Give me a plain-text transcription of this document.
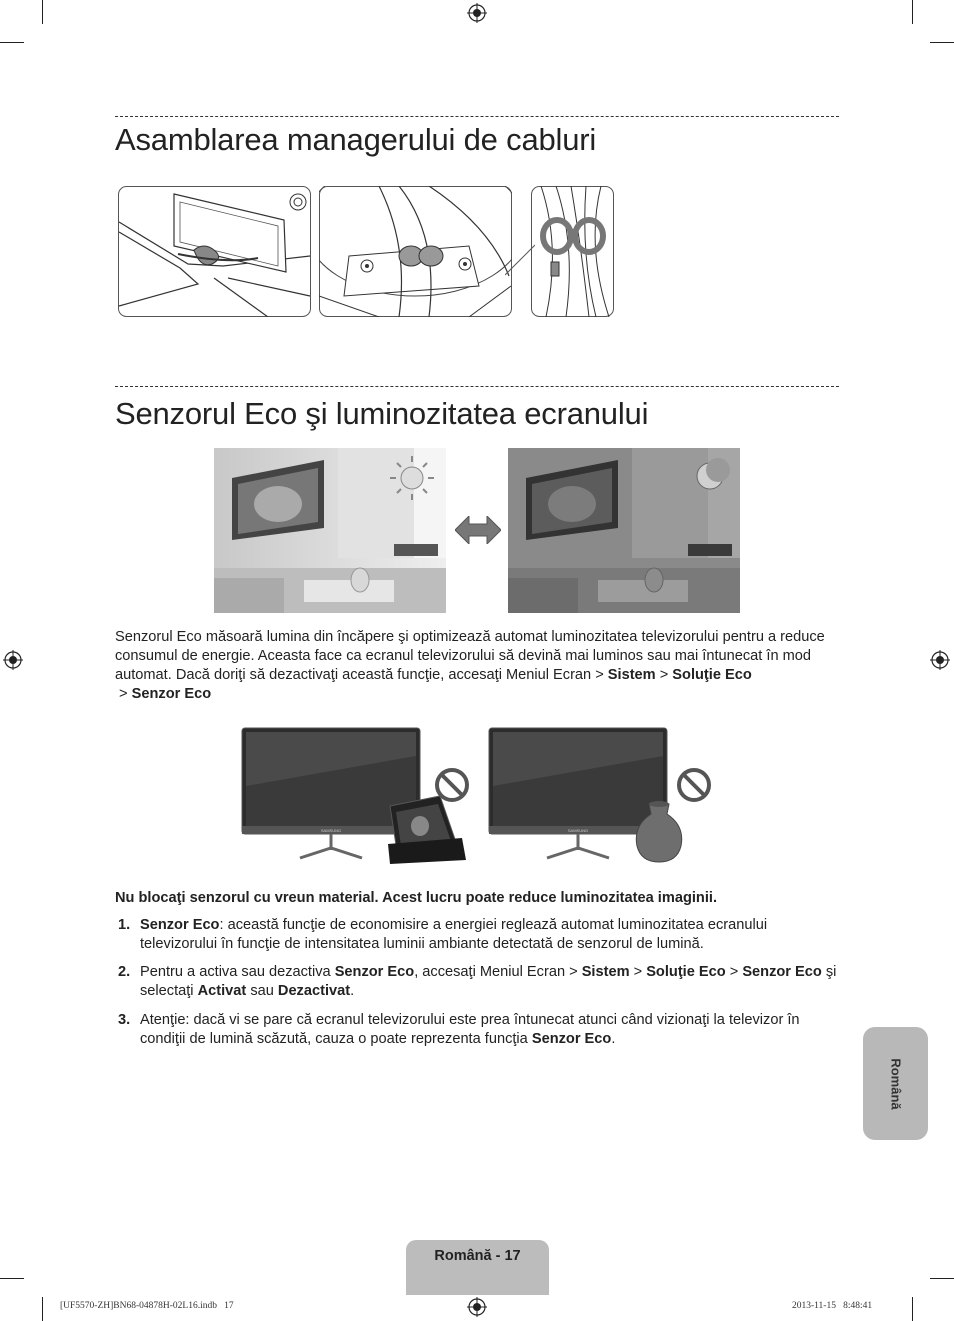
Asamblarea managerului de cabluri
Senzorul Eco şi luminozitatea ecranului
Senzorul Eco măsoară lumina din încăpere şi optimizează automat luminozitatea televizorului pentru a reduce consumul de energie. Aceasta face ca ecranul televizorului să devină mai luminos sau mai întunecat în mod automat. Dacă doriţi să dezactivaţi această funcţie, accesaţi Meniul Ecran > Sistem > Soluţie Eco
> Senzor Eco
SAMSUNG	SAMSUNG
Nu blocaţi senzorul cu vreun material. Acest lucru poate reduce luminozitatea imaginii.
1. Senzor Eco: această funcţie de economisire a energiei reglează automat luminozitatea ecranului televizorului în funcţie de intensitatea luminii ambiante detectată de senzorul de lumină.
2. Pentru a activa sau dezactiva Senzor Eco, accesaţi Meniul Ecran > Sistem > Soluţie Eco > Senzor Eco şi selectaţi Activat sau Dezactivat.
3. Atenţie: dacă vi se pare că ecranul televizorului este prea întunecat atunci când vizionaţi la televizor în condiţii de lumină scăzută, cauza o poate reprezenta funcţia Senzor Eco.
Română
Română - 17
[UF5570-ZH]BN68-04878H-02L16.indb   17	2013-11-15   8:48:41
